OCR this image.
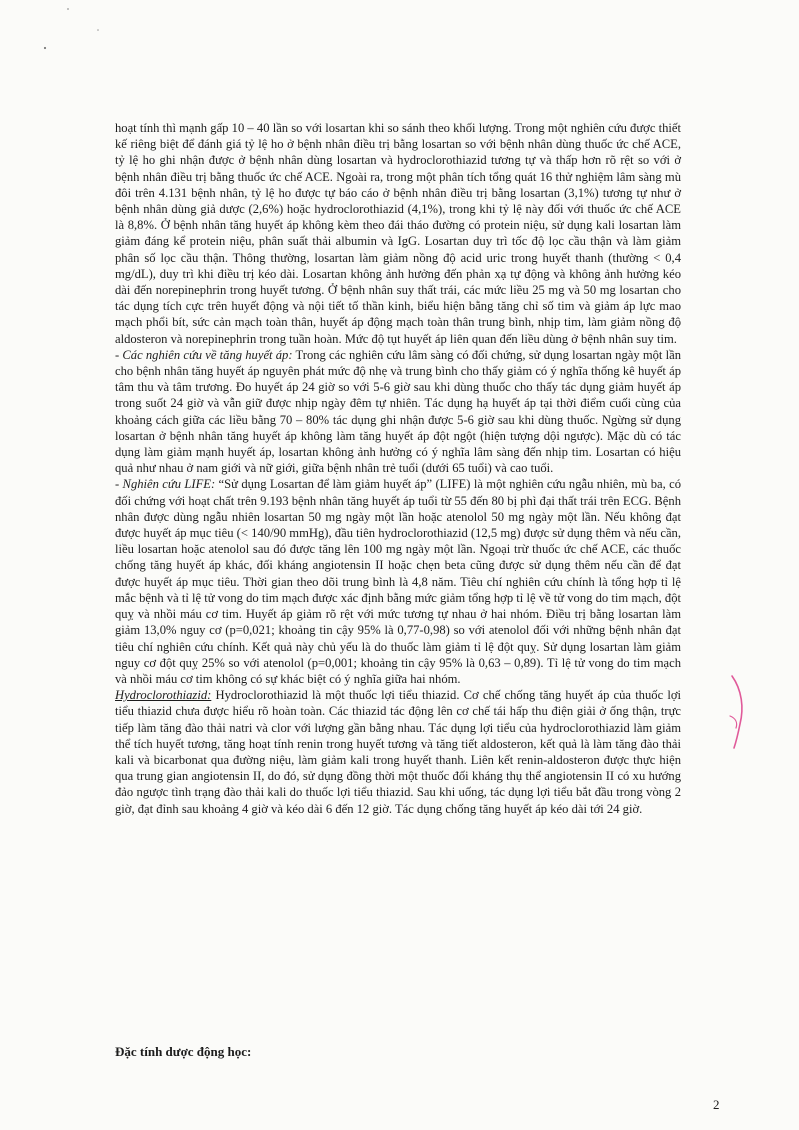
hoạt tính thì mạnh gấp 10 – 40 lần so với losartan khi so sánh theo khối lượng. Trong một nghiên cứu được thiết kế riêng biệt để đánh giá tỷ lệ ho ở bệnh nhân điều trị bằng losartan so với bệnh nhân dùng thuốc ức chế ACE, tỷ lệ ho ghi nhận được ở bệnh nhân dùng losartan và hydroclorothiazid tương tự và thấp hơn rõ rệt so với ở bệnh nhân điều trị bằng thuốc ức chế ACE. Ngoài ra, trong một phân tích tổng quát 16 thử nghiệm lâm sàng mù đôi trên 4.131 bệnh nhân, tỷ lệ ho được tự báo cáo ở bệnh nhân điều trị bằng losartan (3,1%) tương tự như ở bệnh nhân dùng giả dược (2,6%) hoặc hydroclorothiazid (4,1%), trong khi tỷ lệ này đối với thuốc ức chế ACE là 8,8%. Ở bệnh nhân tăng huyết áp không kèm theo đái tháo đường có protein niệu, sử dụng kali losartan làm giảm đáng kể protein niệu, phân suất thải albumin và IgG. Losartan duy trì tốc độ lọc cầu thận và làm giảm phân số lọc cầu thận. Thông thường, losartan làm giảm nồng độ acid uric trong huyết thanh (thường < 0,4 mg/dL), duy trì khi điều trị kéo dài. Losartan không ảnh hưởng đến phản xạ tự động và không ảnh hưởng kéo dài đến norepinephrin trong huyết tương. Ở bệnh nhân suy thất trái, các mức liều 25 mg và 50 mg losartan cho tác dụng tích cực trên huyết động và nội tiết tố thần kinh, biểu hiện bằng tăng chỉ số tim và giảm áp lực mao mạch phổi bít, sức cản mạch toàn thân, huyết áp động mạch toàn thân trung bình, nhịp tim, làm giảm nồng độ aldosteron và norepinephrin trong tuần hoàn. Mức độ tụt huyết áp liên quan đến liều dùng ở bệnh nhân suy tim.

- Các nghiên cứu về tăng huyết áp: Trong các nghiên cứu lâm sàng có đối chứng, sử dụng losartan ngày một lần cho bệnh nhân tăng huyết áp nguyên phát mức độ nhẹ và trung bình cho thấy giảm có ý nghĩa thống kê huyết áp tâm thu và tâm trương. Đo huyết áp 24 giờ so với 5-6 giờ sau khi dùng thuốc cho thấy tác dụng giảm huyết áp trong suốt 24 giờ và vẫn giữ được nhịp ngày đêm tự nhiên. Tác dụng hạ huyết áp tại thời điểm cuối cùng của khoảng cách giữa các liều bằng 70 – 80% tác dụng ghi nhận được 5-6 giờ sau khi dùng thuốc. Ngừng sử dụng losartan ở bệnh nhân tăng huyết áp không làm tăng huyết áp đột ngột (hiện tượng dội ngược). Mặc dù có tác dụng làm giảm mạnh huyết áp, losartan không ảnh hưởng có ý nghĩa lâm sàng đến nhịp tim. Losartan có hiệu quả như nhau ở nam giới và nữ giới, giữa bệnh nhân trẻ tuổi (dưới 65 tuổi) và cao tuổi.

- Nghiên cứu LIFE: “Sử dụng Losartan để làm giảm huyết áp” (LIFE) là một nghiên cứu ngẫu nhiên, mù ba, có đối chứng với hoạt chất trên 9.193 bệnh nhân tăng huyết áp tuổi từ 55 đến 80 bị phì đại thất trái trên ECG. Bệnh nhân được dùng ngẫu nhiên losartan 50 mg ngày một lần hoặc atenolol 50 mg ngày một lần. Nếu không đạt được huyết áp mục tiêu (< 140/90 mmHg), đầu tiên hydroclorothiazid (12,5 mg) được sử dụng thêm và nếu cần, liều losartan hoặc atenolol sau đó được tăng lên 100 mg ngày một lần. Ngoại trừ thuốc ức chế ACE, các thuốc chống tăng huyết áp khác, đối kháng angiotensin II hoặc chẹn beta cũng được sử dụng thêm nếu cần để đạt được huyết áp mục tiêu. Thời gian theo dõi trung bình là 4,8 năm. Tiêu chí nghiên cứu chính là tổng hợp tỉ lệ mắc bệnh và tỉ lệ tử vong do tim mạch được xác định bằng mức giảm tổng hợp tỉ lệ về tử vong do tim mạch, đột quỵ và nhồi máu cơ tim. Huyết áp giảm rõ rệt với mức tương tự nhau ở hai nhóm. Điều trị bằng losartan làm giảm 13,0% nguy cơ (p=0,021; khoảng tin cậy 95% là 0,77-0,98) so với atenolol đối với những bệnh nhân đạt tiêu chí nghiên cứu chính. Kết quả này chủ yếu là do thuốc làm giảm tỉ lệ đột quỵ. Sử dụng losartan làm giảm nguy cơ đột quỵ 25% so với atenolol (p=0,001; khoảng tin cậy 95% là 0,63 – 0,89). Tỉ lệ tử vong do tim mạch và nhồi máu cơ tim không có sự khác biệt có ý nghĩa giữa hai nhóm.

Hydroclorothiazid: Hydroclorothiazid là một thuốc lợi tiểu thiazid. Cơ chế chống tăng huyết áp của thuốc lợi tiểu thiazid chưa được hiểu rõ hoàn toàn. Các thiazid tác động lên cơ chế tái hấp thu điện giải ở ống thận, trực tiếp làm tăng đào thải natri và clor với lượng gần bằng nhau. Tác dụng lợi tiểu của hydroclorothiazid làm giảm thể tích huyết tương, tăng hoạt tính renin trong huyết tương và tăng tiết aldosteron, kết quả là làm tăng đào thải kali và bicarbonat qua đường niệu, làm giảm kali trong huyết thanh. Liên kết renin-aldosteron được thực hiện qua trung gian angiotensin II, do đó, sử dụng đồng thời một thuốc đối kháng thụ thể angiotensin II có xu hướng đảo ngược tình trạng đào thải kali do thuốc lợi tiểu thiazid. Sau khi uống, tác dụng lợi tiểu bắt đầu trong vòng 2 giờ, đạt đỉnh sau khoảng 4 giờ và kéo dài 6 đến 12 giờ. Tác dụng chống tăng huyết áp kéo dài tới 24 giờ.

Đặc tính dược động học:
2
